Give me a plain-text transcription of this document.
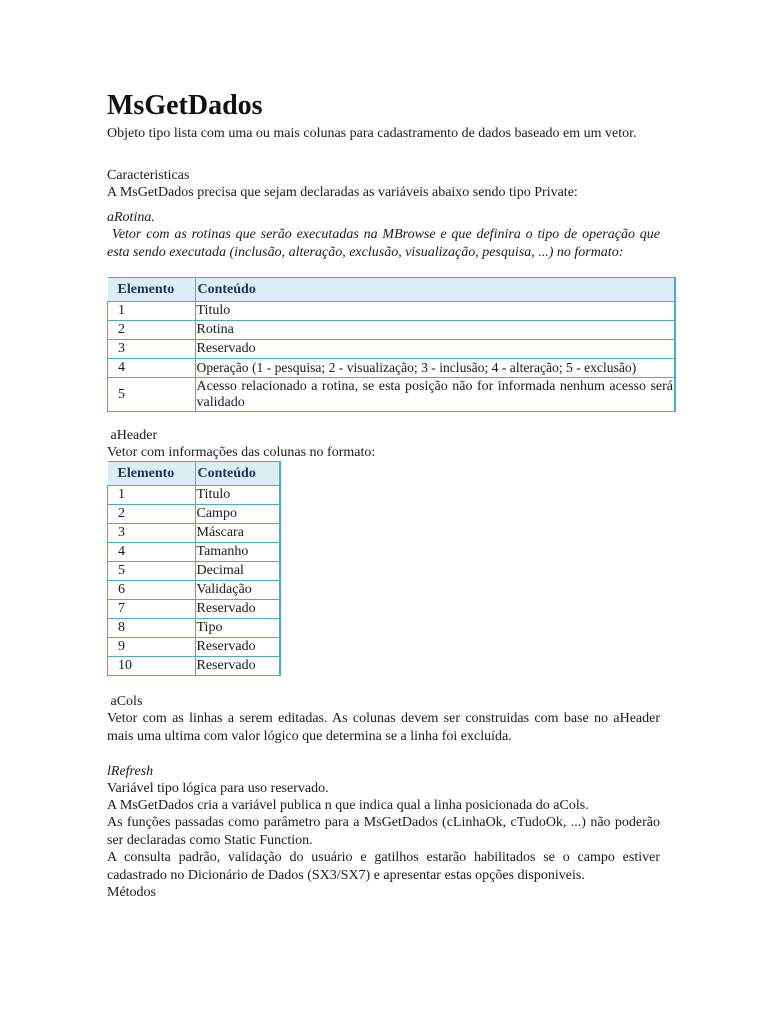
MsGetDados

Objeto tipo lista com uma ou mais colunas para cadastramento de dados baseado em um vetor.

Caracteristicas

A MsGetDados precisa que sejam declaradas as variáveis abaixo sendo tipo Private:

aRotina.

Vetor com as rotinas que serão executadas na MBrowse e que definira o tipo de operação que esta sendo executada (inclusão, alteração, exclusão, visualização, pesquisa, ...) no formato:

Elemento	Conteúdo
1	Titulo
2	Rotina
3	Reservado
4	Operação (1 - pesquisa; 2 - visualização; 3 - inclusão; 4 - alteração; 5 - exclusão)
5	Acesso relacionado a rotina, se esta posição não for informada nenhum acesso será validado

aHeader

Vetor com informações das colunas no formato:

Elemento	Conteúdo
1	Titulo
2	Campo
3	Máscara
4	Tamanho
5	Decimal
6	Validação
7	Reservado
8	Tipo
9	Reservado
10	Reservado

aCols

Vetor com as linhas a serem editadas. As colunas devem ser construidas com base no aHeader mais uma ultima com valor lógico que determina se a linha foi excluída.

lRefresh

Variável tipo lógica para uso reservado.

A MsGetDados cria a variável publica n que indica qual a linha posicionada do aCols.

As funções passadas como parâmetro para a MsGetDados (cLinhaOk, cTudoOk, ...) não poderão ser declaradas como Static Function.

A consulta padrão, validação do usuário e gatilhos estarão habilitados se o campo estiver cadastrado no Dicionário de Dados (SX3/SX7) e apresentar estas opções disponiveis.

Métodos
